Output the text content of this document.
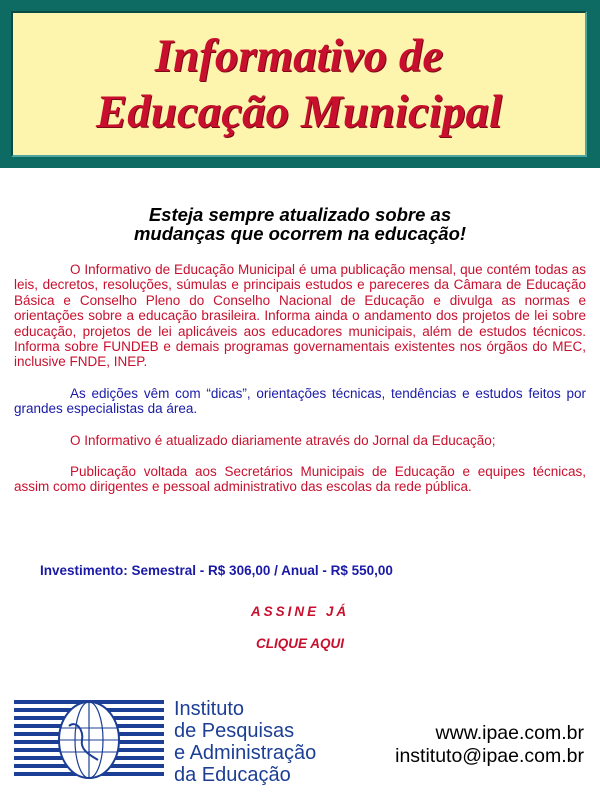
Informativo de
Educação Municipal
Esteja sempre atualizado sobre as
mudanças que ocorrem na educação!

O Informativo de Educação Municipal é uma publicação mensal, que contém todas as leis, decretos, resoluções, súmulas e principais estudos e pareceres da Câmara de Educação Básica e Conselho Pleno do Conselho Nacional de Educação e divulga as normas e orientações sobre a educação brasileira. Informa ainda o andamento dos projetos de lei sobre educação, projetos de lei aplicáveis aos educadores municipais, além de estudos técnicos. Informa sobre FUNDEB e demais programas governamentais existentes nos órgãos do MEC, inclusive FNDE, INEP.

As edições vêm com “dicas”, orientações técnicas, tendências e estudos feitos por grandes especialistas da área.

O Informativo é atualizado diariamente através do Jornal da Educação;

Publicação voltada aos Secretários Municipais de Educação e equipes técnicas, assim como dirigentes e pessoal administrativo das escolas da rede pública.

Investimento: Semestral - R$ 306,00 / Anual - R$ 550,00
ASSINE JÁ
CLIQUE AQUI
Instituto
de Pesquisas
e Administração
da Educação
www.ipae.com.br
instituto@ipae.com.br
